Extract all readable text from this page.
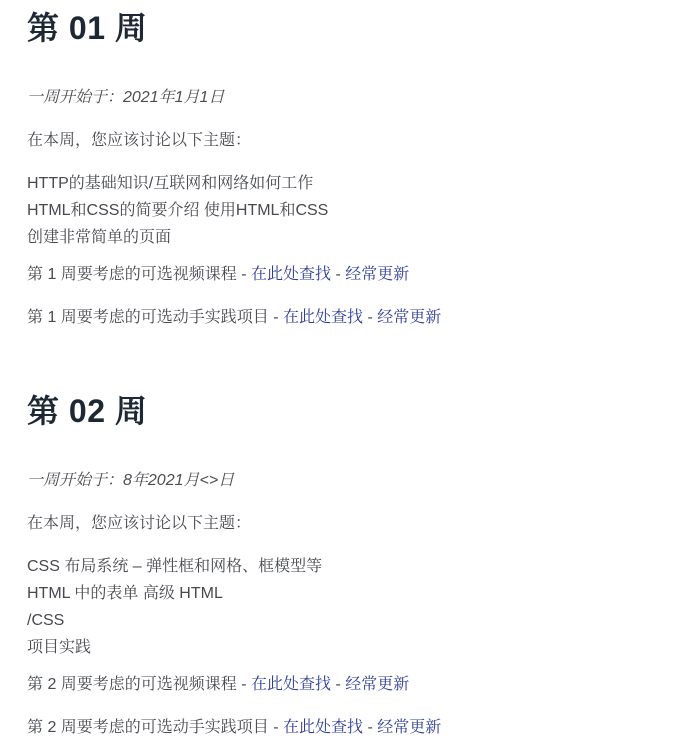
第 01 周

一周开始于：2021年1月1日

在本周，您应该讨论以下主题：

HTTP的基础知识/互联网和网络如何工作
HTML和CSS的简要介绍 使用HTML和CSS
创建非常简单的页面

第 1 周要考虑的可选视频课程 - 在此处查找 - 经常更新

第 1 周要考虑的可选动手实践项目 - 在此处查找 - 经常更新

第 02 周

一周开始于：8年2021月<>日

在本周，您应该讨论以下主题：

CSS 布局系统 – 弹性框和网格、框模型等
HTML 中的表单 高级 HTML
/CSS
项目实践

第 2 周要考虑的可选视频课程 - 在此处查找 - 经常更新

第 2 周要考虑的可选动手实践项目 - 在此处查找 - 经常更新
